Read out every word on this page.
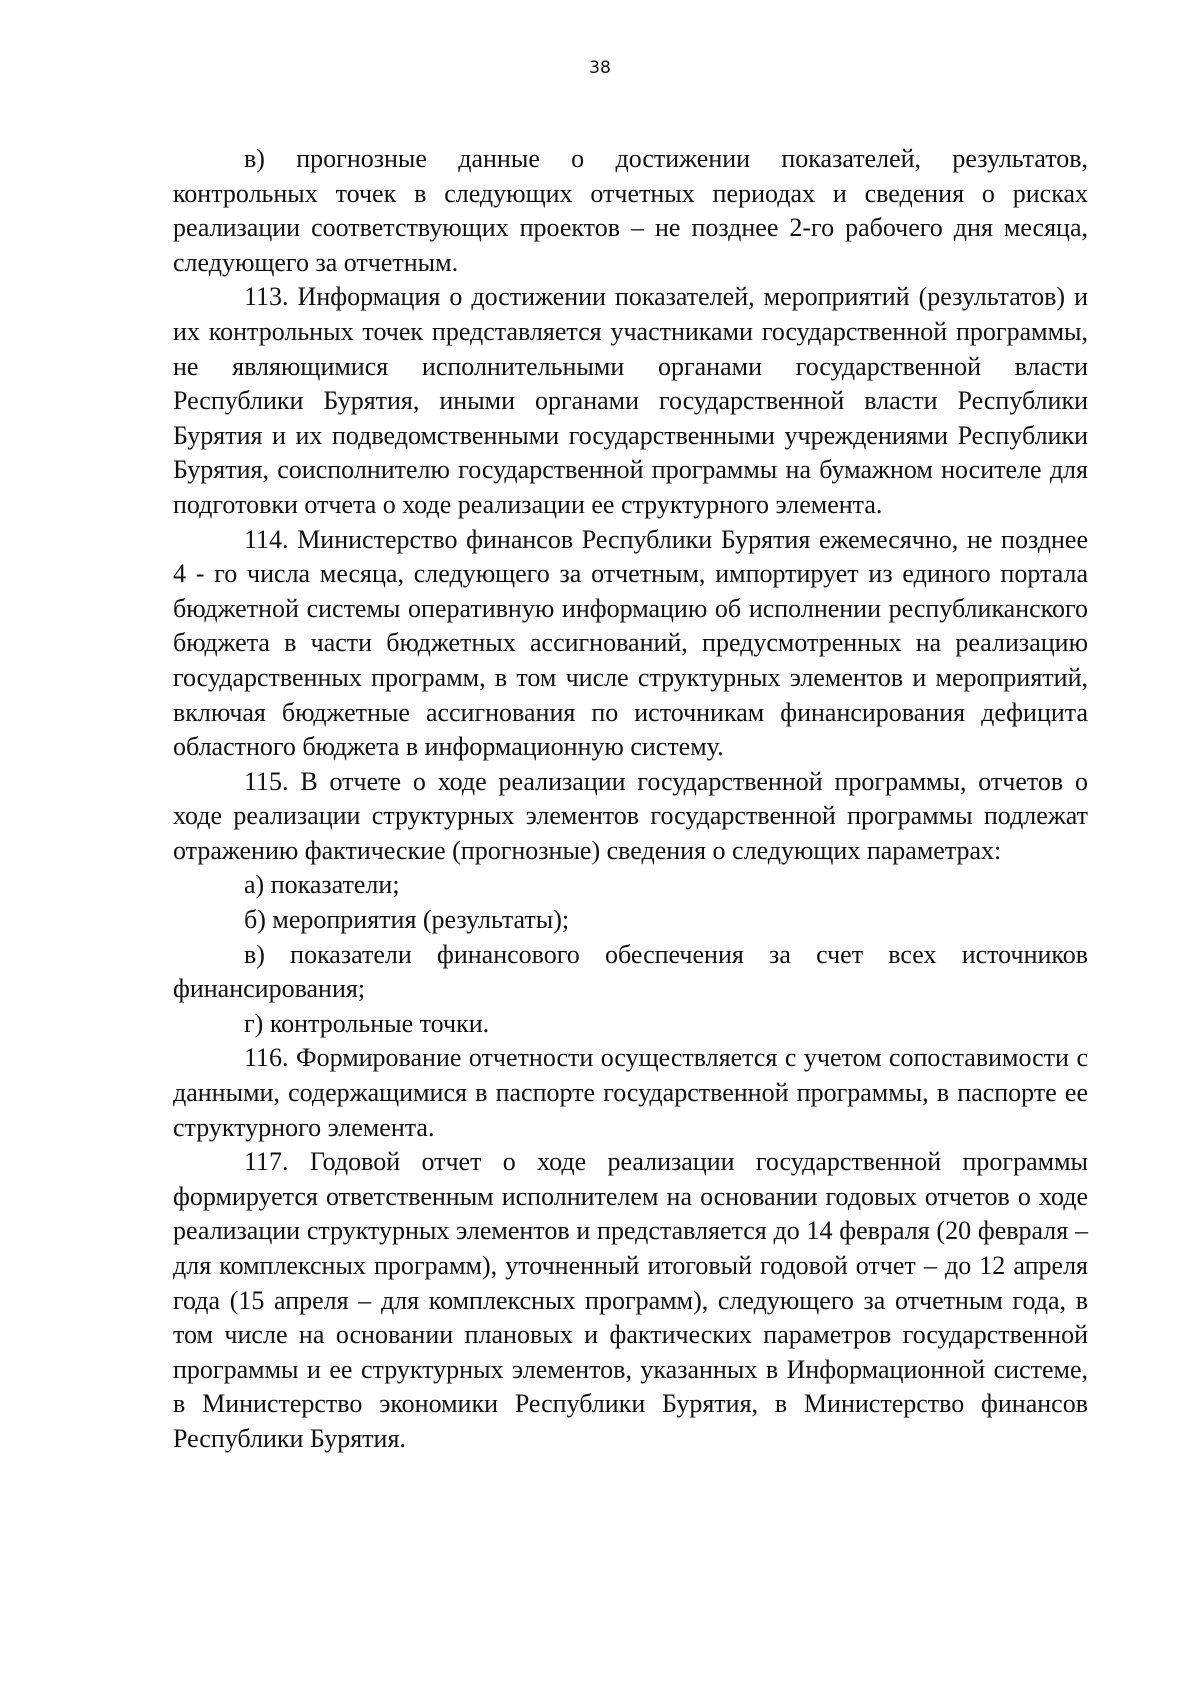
38

в) прогнозные данные о достижении показателей, результатов, контрольных точек в следующих отчетных периодах и сведения о рисках реализации соответствующих проектов – не позднее 2-го рабочего дня месяца, следующего за отчетным.

113. Информация о достижении показателей, мероприятий (результатов) и их контрольных точек представляется участниками государственной программы, не являющимися исполнительными органами государственной власти Республики Бурятия, иными органами государственной власти Республики Бурятия и их подведомственными государственными учреждениями Республики Бурятия, соисполнителю государственной программы на бумажном носителе для подготовки отчета о ходе реализации ее структурного элемента.

114. Министерство финансов Республики Бурятия ежемесячно, не позднее 4 - го числа месяца, следующего за отчетным, импортирует из единого портала бюджетной системы оперативную информацию об исполнении республиканского бюджета в части бюджетных ассигнований, предусмотренных на реализацию государственных программ, в том числе структурных элементов и мероприятий, включая бюджетные ассигнования по источникам финансирования дефицита областного бюджета в информационную систему.

115. В отчете о ходе реализации государственной программы, отчетов о ходе реализации структурных элементов государственной программы подлежат отражению фактические (прогнозные) сведения о следующих параметрах:

а) показатели;

б) мероприятия (результаты);

в) показатели финансового обеспечения за счет всех источников финансирования;

г) контрольные точки.

116. Формирование отчетности осуществляется с учетом сопоставимости с данными, содержащимися в паспорте государственной программы, в паспорте ее структурного элемента.

117. Годовой отчет о ходе реализации государственной программы формируется ответственным исполнителем на основании годовых отчетов о ходе реализации структурных элементов и представляется до 14 февраля (20 февраля – для комплексных программ), уточненный итоговый годовой отчет – до 12 апреля года (15 апреля – для комплексных программ), следующего за отчетным года, в том числе на основании плановых и фактических параметров государственной программы и ее структурных элементов, указанных в Информационной системе, в Министерство экономики Республики Бурятия, в Министерство финансов Республики Бурятия.
